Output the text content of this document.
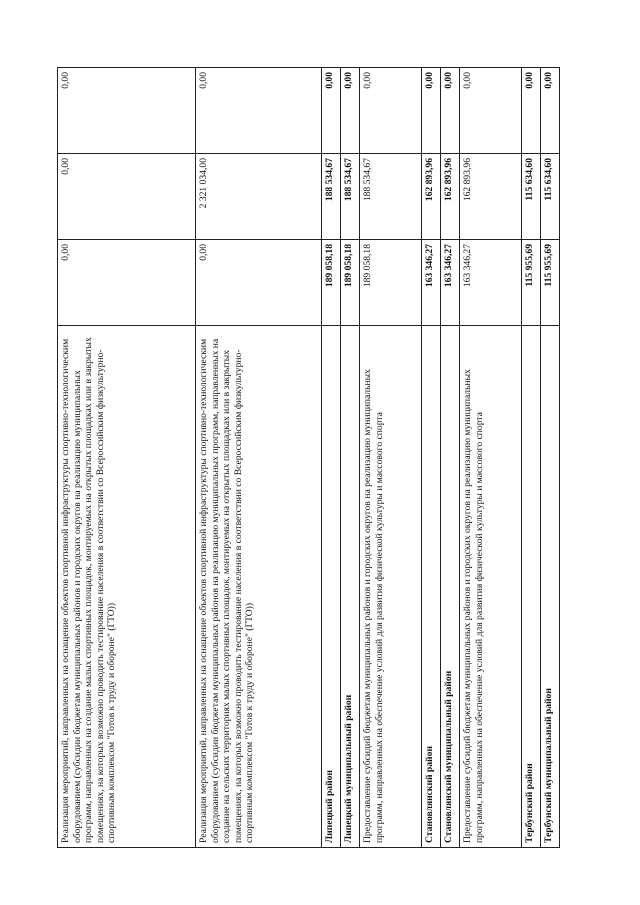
Реализация мероприятий, направленных на оснащение объектов спортивной инфраструктуры спортивно-технологическим оборудованием (субсидии бюджетам муниципальных районов и городских округов на реализацию муниципальных программ, направленных на создание малых спортивных площадок, монтируемых на открытых площадках или в закрытых помещениях, на которых возможно проводить тестирование населения в соответствии со Всероссийским физкультурно-спортивным комплексом "Готов к труду и обороне" (ГТО))	0,00	0,00	0,00
Реализация мероприятий, направленных на оснащение объектов спортивной инфраструктуры спортивно-технологическим оборудованием (субсидии бюджетам муниципальных районов на реализацию муниципальных программ, направленных на создание на сельских территориях малых спортивных площадок, монтируемых на открытых площадках или в закрытых помещениях, на которых возможно проводить тестирование населения в соответствии со Всероссийским физкультурно-спортивным комплексом "Готов к труду и обороне" (ГТО))	0,00	2 321 034,00	0,00
Липецкий район	189 058,18	188 534,67	0,00
Липецкий муниципальный район	189 058,18	188 534,67	0,00
Предоставление субсидий бюджетам муниципальных районов и городских округов на реализацию муниципальных программ, направленных на обеспечение условий для развития физической культуры и массового спорта	189 058,18	188 534,67	0,00
Становлянский район	163 346,27	162 893,96	0,00
Становлянский муниципальный район	163 346,27	162 893,96	0,00
Предоставление субсидий бюджетам муниципальных районов и городских округов на реализацию муниципальных программ, направленных на обеспечение условий для развития физической культуры и массового спорта	163 346,27	162 893,96	0,00
Тербунский район	115 955,69	115 634,60	0,00
Тербунский муниципальный район	115 955,69	115 634,60	0,00
